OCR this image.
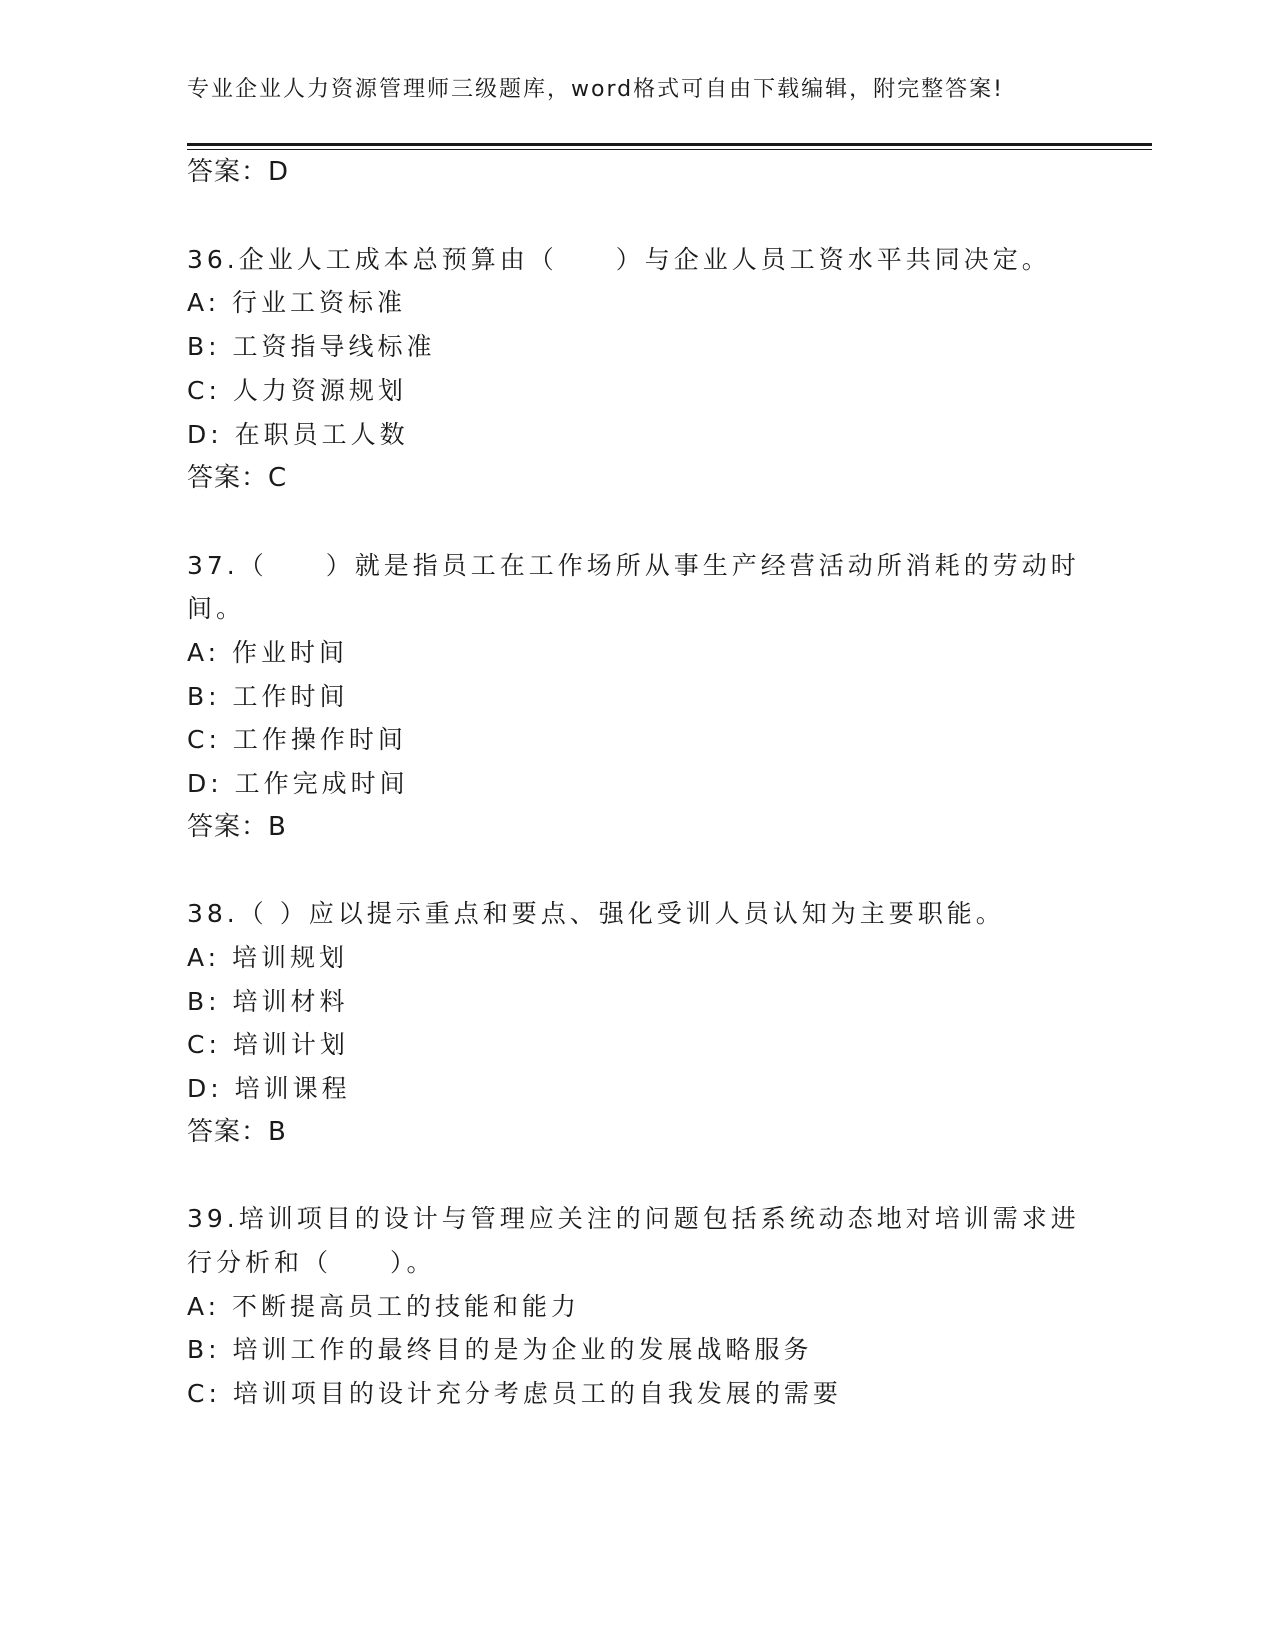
专业企业人力资源管理师三级题库，word格式可自由下载编辑，附完整答案!
答案：D
36.企业人工成本总预算由（　　）与企业人员工资水平共同决定。
A: 行业工资标准
B: 工资指导线标准
C: 人力资源规划
D: 在职员工人数
答案：C
37.（　　）就是指员工在工作场所从事生产经营活动所消耗的劳动时
间。
A: 作业时间
B: 工作时间
C: 工作操作时间
D: 工作完成时间
答案：B
38.（ ）应以提示重点和要点、强化受训人员认知为主要职能。
A: 培训规划
B: 培训材料
C: 培训计划
D: 培训课程
答案：B
39.培训项目的设计与管理应关注的问题包括系统动态地对培训需求进
行分析和（　　）。
A: 不断提高员工的技能和能力
B: 培训工作的最终目的是为企业的发展战略服务
C: 培训项目的设计充分考虑员工的自我发展的需要
